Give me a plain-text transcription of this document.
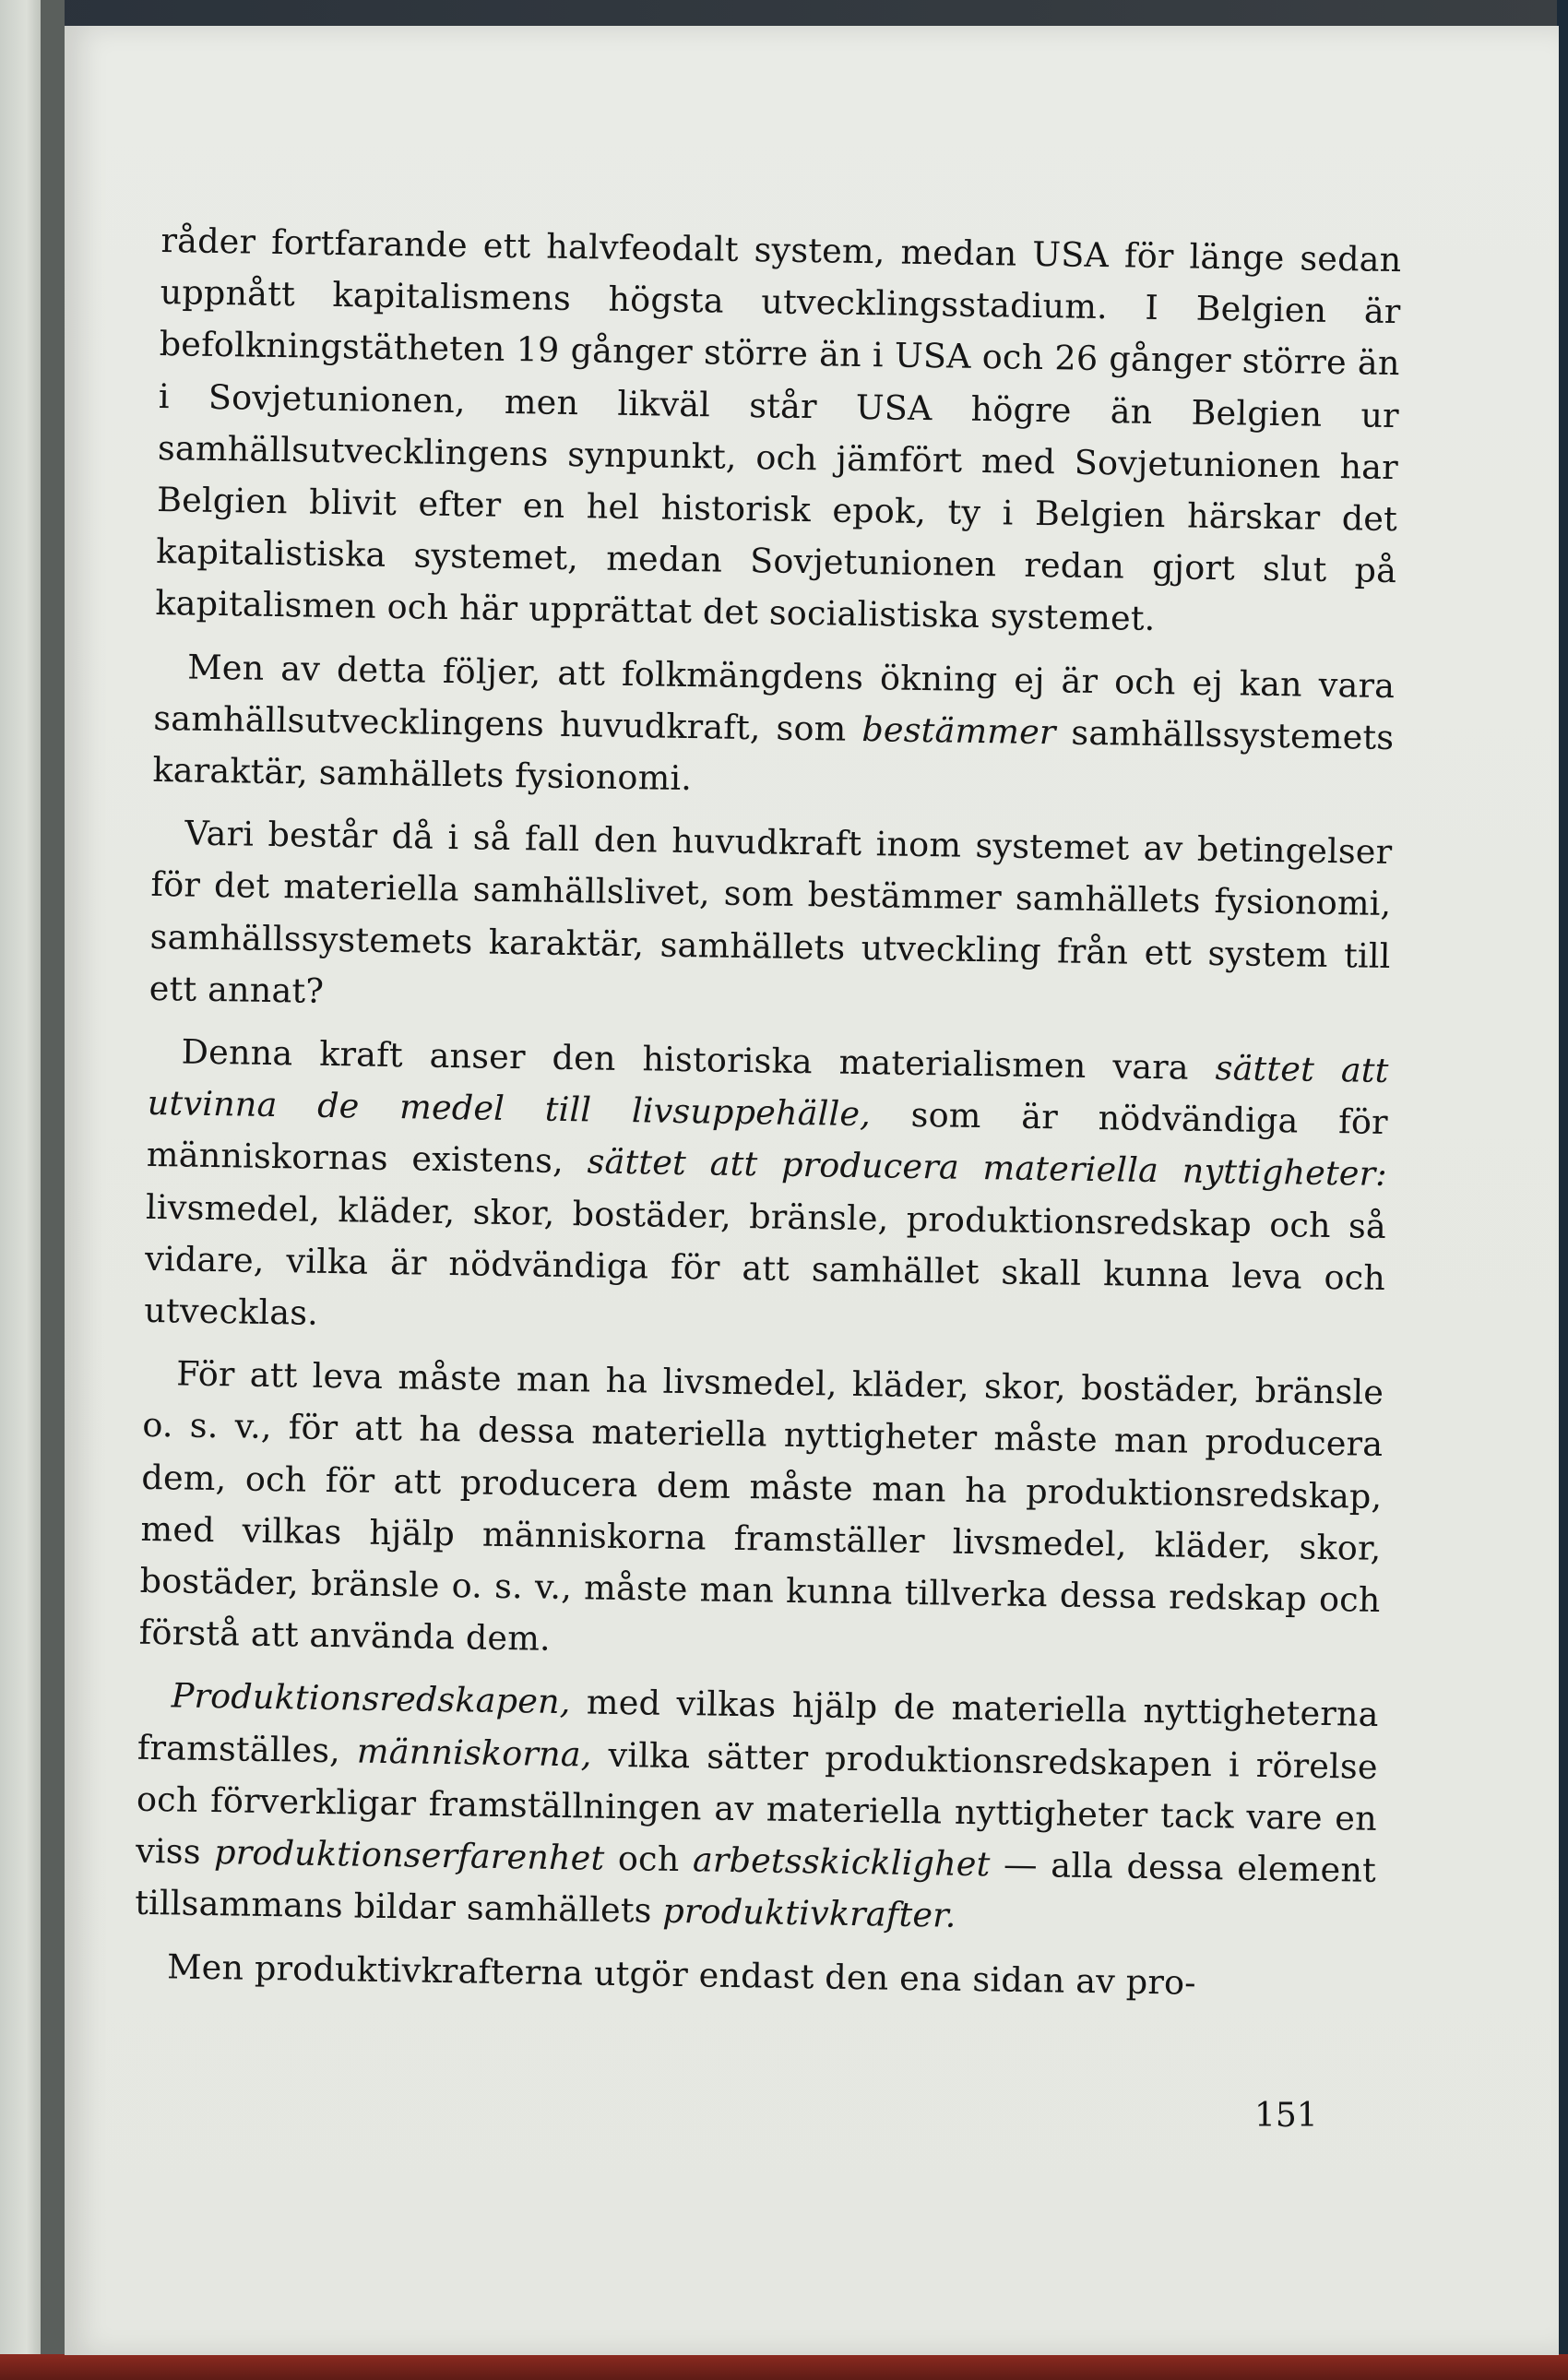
råder fortfarande ett halvfeodalt system, medan USA för länge sedan uppnått kapitalismens högsta utvecklingsstadium. I Belgien är befolkningstätheten 19 gånger större än i USA och 26 gånger större än i Sovjetunionen, men likväl står USA högre än Belgien ur samhällsutvecklingens synpunkt, och jämfört med Sovjetunionen har Belgien blivit efter en hel historisk epok, ty i Belgien härskar det kapitalistiska systemet, medan Sovjetunionen redan gjort slut på kapitalismen och här upprättat det socialistiska systemet.

Men av detta följer, att folkmängdens ökning ej är och ej kan vara samhällsutvecklingens huvudkraft, som bestämmer samhällssystemets karaktär, samhällets fysionomi.

Vari består då i så fall den huvudkraft inom systemet av betingelser för det materiella samhällslivet, som bestämmer samhällets fysionomi, samhällssystemets karaktär, samhällets utveckling från ett system till ett annat?

Denna kraft anser den historiska materialismen vara sättet att utvinna de medel till livsuppehälle, som är nödvändiga för människornas existens, sättet att producera materiella nyttigheter: livsmedel, kläder, skor, bostäder, bränsle, produktionsredskap och så vidare, vilka är nödvändiga för att samhället skall kunna leva och utvecklas.

För att leva måste man ha livsmedel, kläder, skor, bostäder, bränsle o. s. v., för att ha dessa materiella nyttigheter måste man producera dem, och för att producera dem måste man ha produktionsredskap, med vilkas hjälp människorna framställer livsmedel, kläder, skor, bostäder, bränsle o. s. v., måste man kunna tillverka dessa redskap och förstå att använda dem.

Produktionsredskapen, med vilkas hjälp de materiella nyttigheterna framställes, människorna, vilka sätter produktionsredskapen i rörelse och förverkligar framställningen av materiella nyttigheter tack vare en viss produktionserfarenhet och arbetsskicklighet — alla dessa element tillsammans bildar samhällets produktivkrafter.

Men produktivkrafterna utgör endast den ena sidan av pro-

151
